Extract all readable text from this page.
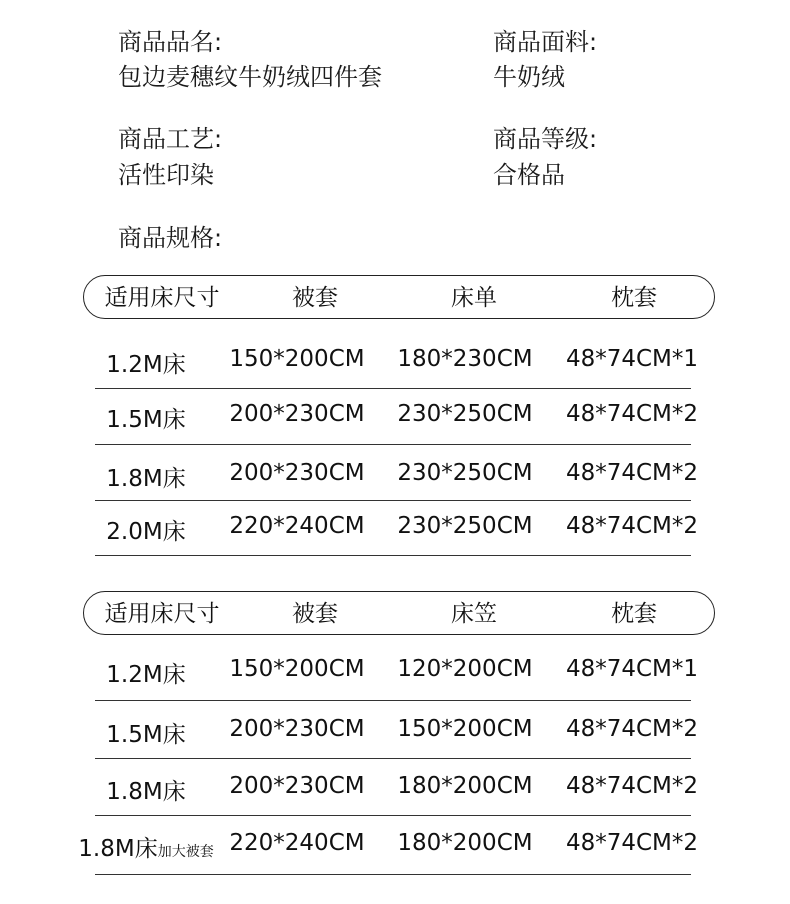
商品品名:
包边麦穗纹牛奶绒四件套
商品面料:
牛奶绒
商品工艺:
活性印染
商品等级:
合格品
商品规格:
适用床尺寸	被套	床单	枕套
1.2M床 150*200CM 180*230CM 48*74CM*1
1.5M床 200*230CM 230*250CM 48*74CM*2
1.8M床 200*230CM 230*250CM 48*74CM*2
2.0M床 220*240CM 230*250CM 48*74CM*2
适用床尺寸	被套	床笠	枕套
1.2M床 150*200CM 120*200CM 48*74CM*1
1.5M床 200*230CM 150*200CM 48*74CM*2
1.8M床 200*230CM 180*200CM 48*74CM*2
1.8M床加大被套 220*240CM 180*200CM 48*74CM*2
